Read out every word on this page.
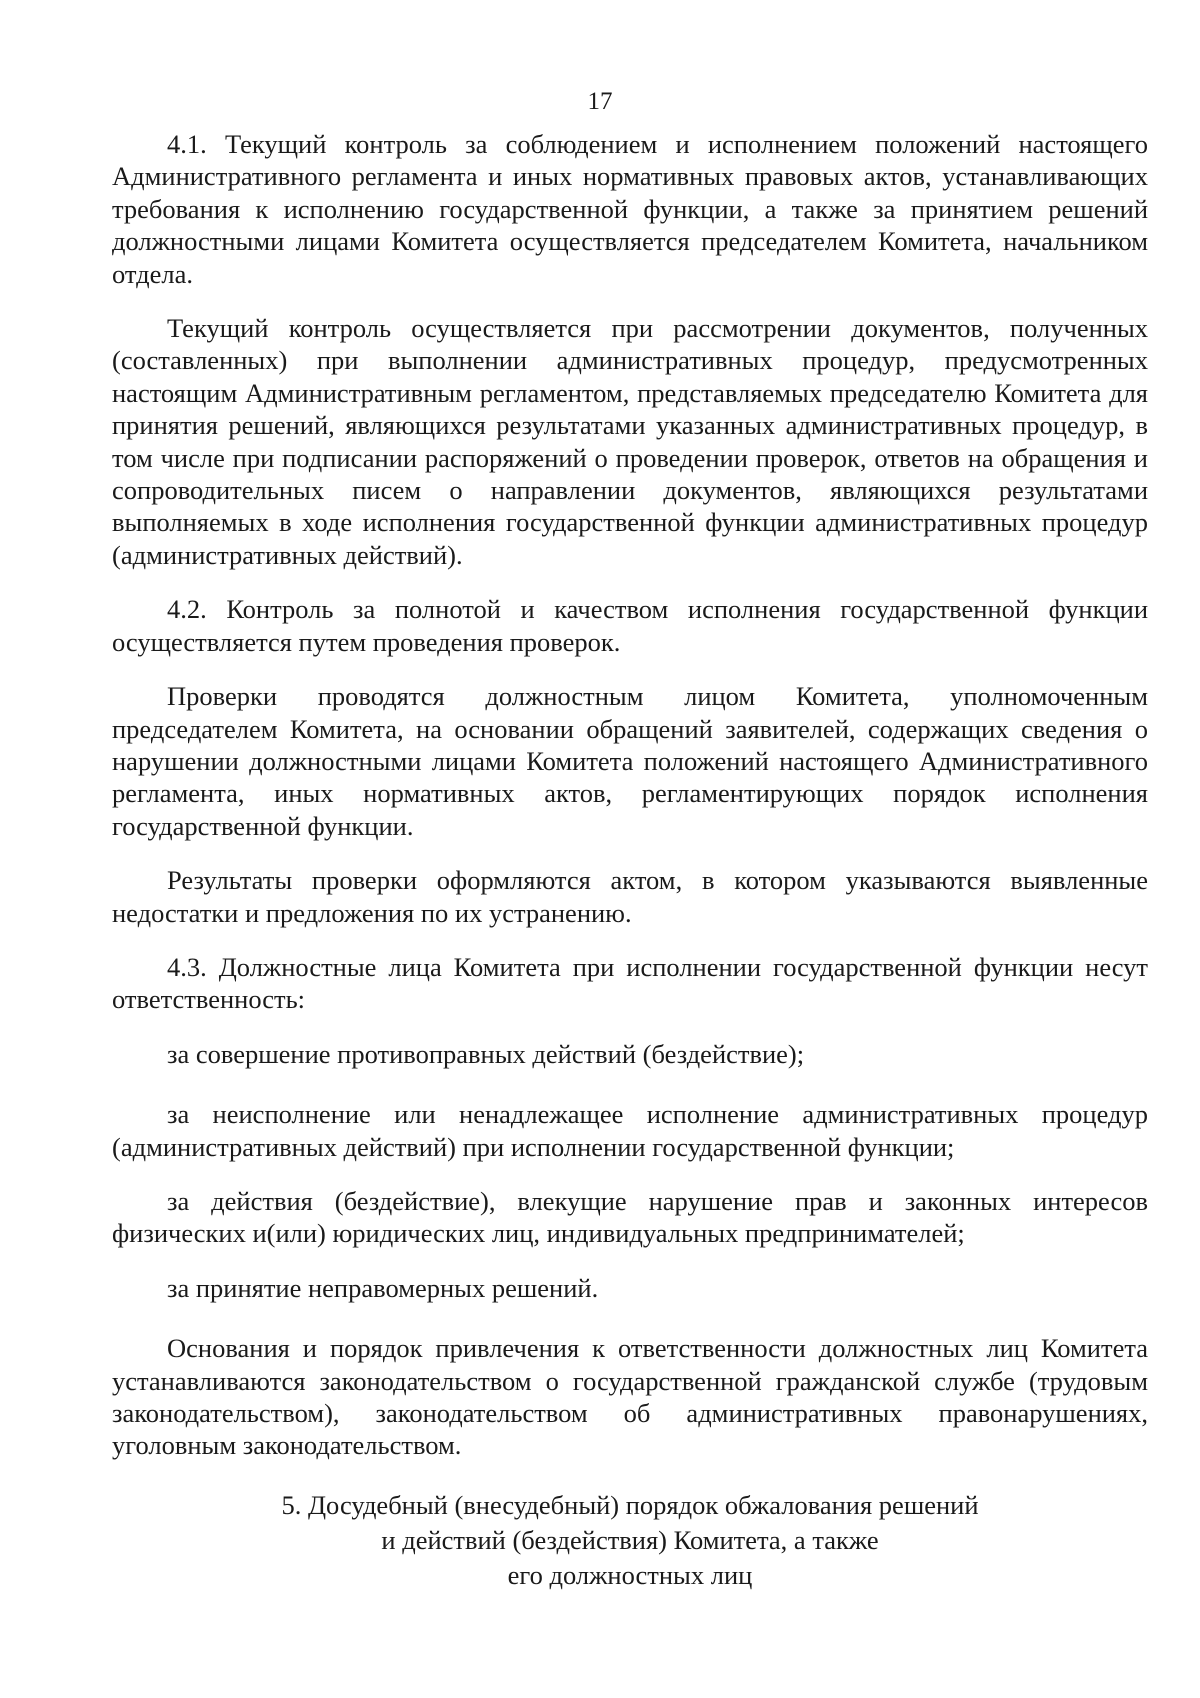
17

4.1. Текущий контроль за соблюдением и исполнением положений настоящего Административного регламента и иных нормативных правовых актов, устанавливающих требования к исполнению государственной функции, а также за принятием решений должностными лицами Комитета осуществляется председателем Комитета, начальником отдела.

Текущий контроль осуществляется при рассмотрении документов, полученных (составленных) при выполнении административных процедур, предусмотренных настоящим Административным регламентом, представляемых председателю Комитета для принятия решений, являющихся результатами указанных административных процедур, в том числе при подписании распоряжений о проведении проверок, ответов на обращения и сопроводительных писем о направлении документов, являющихся результатами выполняемых в ходе исполнения государственной функции административных процедур (административных действий).

4.2. Контроль за полнотой и качеством исполнения государственной функции осуществляется путем проведения проверок.

Проверки проводятся должностным лицом Комитета, уполномоченным председателем Комитета, на основании обращений заявителей, содержащих сведения о нарушении должностными лицами Комитета положений настоящего Административного регламента, иных нормативных актов, регламентирующих порядок исполнения государственной функции.

Результаты проверки оформляются актом, в котором указываются выявленные недостатки и предложения по их устранению.

4.3. Должностные лица Комитета при исполнении государственной функции несут ответственность:

за совершение противоправных действий (бездействие);

за неисполнение или ненадлежащее исполнение административных процедур (административных действий) при исполнении государственной функции;

за действия (бездействие), влекущие нарушение прав и законных интересов физических и(или) юридических лиц, индивидуальных предпринимателей;

за принятие неправомерных решений.

Основания и порядок привлечения к ответственности должностных лиц Комитета устанавливаются законодательством о государственной гражданской службе (трудовым законодательством), законодательством об административных правонарушениях, уголовным законодательством.

5. Досудебный (внесудебный) порядок обжалования решений
и действий (бездействия) Комитета, а также
его должностных лиц
